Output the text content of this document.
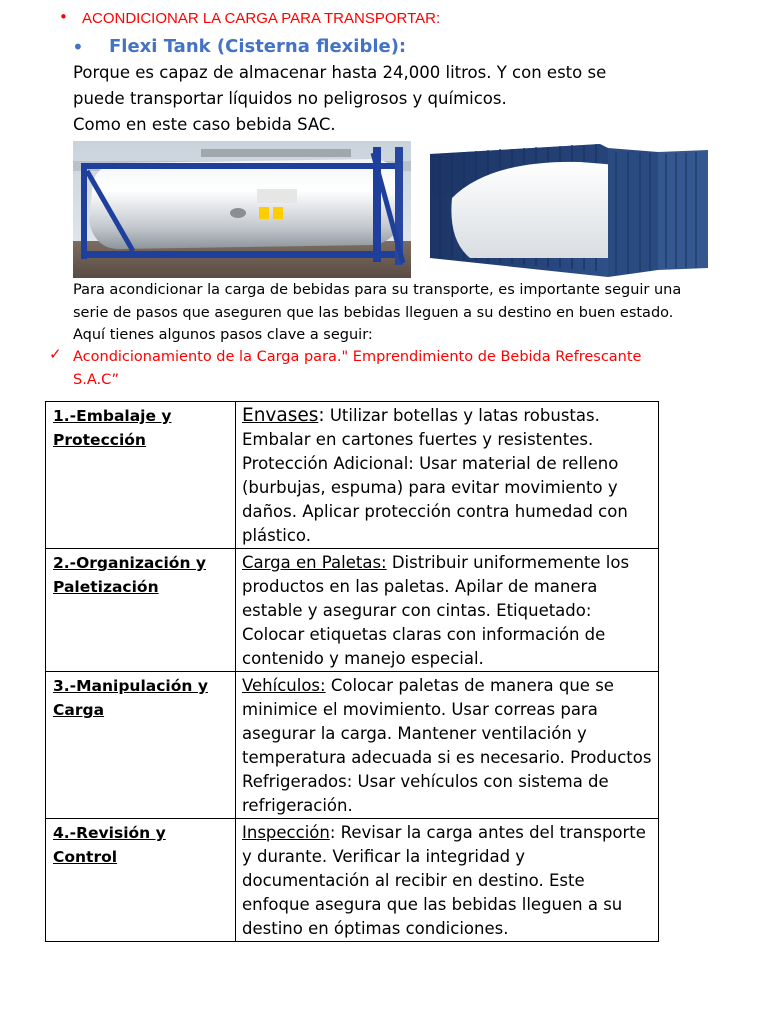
• ACONDICIONAR LA CARGA PARA TRANSPORTAR:
• Flexi Tank (Cisterna flexible):
Porque es capaz de almacenar hasta 24,000 litros. Y con esto se
puede transportar líquidos no peligrosos y químicos.
Como en este caso bebida SAC.
Para acondicionar la carga de bebidas para su transporte, es importante seguir una serie de pasos que aseguren que las bebidas lleguen a su destino en buen estado. Aquí tienes algunos pasos clave a seguir:
✓ Acondicionamiento de la Carga para." Emprendimiento de Bebida Refrescante S.A.C”
1.-Embalaje y Protección	Envases: Utilizar botellas y latas robustas. Embalar en cartones fuertes y resistentes. Protección Adicional: Usar material de relleno (burbujas, espuma) para evitar movimiento y daños. Aplicar protección contra humedad con plástico.
2.-Organización y Paletización	Carga en Paletas: Distribuir uniformemente los productos en las paletas. Apilar de manera estable y asegurar con cintas. Etiquetado: Colocar etiquetas claras con información de contenido y manejo especial.
3.-Manipulación y Carga	Vehículos: Colocar paletas de manera que se minimice el movimiento. Usar correas para asegurar la carga. Mantener ventilación y temperatura adecuada si es necesario. Productos Refrigerados: Usar vehículos con sistema de refrigeración.
4.-Revisión y Control	Inspección: Revisar la carga antes del transporte y durante. Verificar la integridad y documentación al recibir en destino. Este enfoque asegura que las bebidas lleguen a su destino en óptimas condiciones.
